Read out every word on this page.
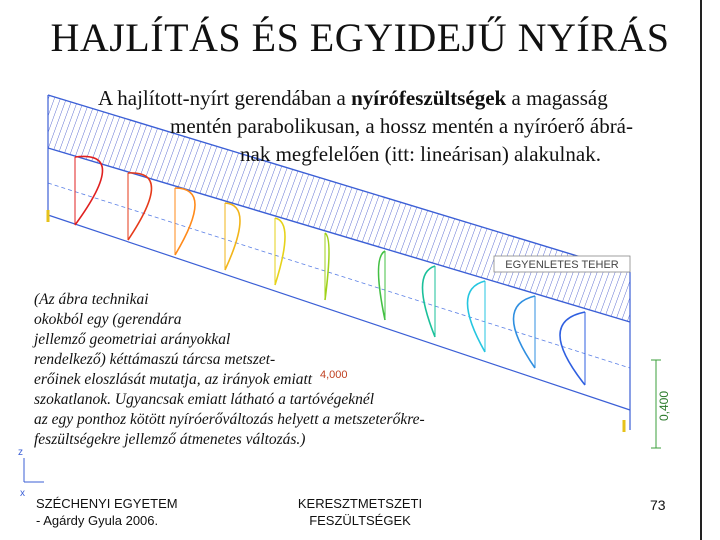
EGYENLETES TEHER
0,400
4,000
z
x
HAJLÍTÁS ÉS EGYIDEJŰ NYÍRÁS
A hajlított-nyírt gerendában a nyírófeszültségek a magasság
mentén parabolikusan, a hossz mentén a nyíróerő ábrá-
nak megfelelően (itt: lineárisan) alakulnak.
(Az ábra technikai
okokból egy (gerendára
jellemző geometriai arányokkal
rendelkező) kéttámaszú tárcsa metszet-
erőinek eloszlását mutatja, az irányok emiatt
szokatlanok. Ugyancsak emiatt látható a tartóvégeknél
az egy ponthoz kötött nyíróerőváltozás helyett a metszeterőkre-
feszültségekre jellemző átmenetes változás.)
SZÉCHENYI EGYETEM
- Agárdy Gyula 2006.
KERESZTMETSZETI
FESZÜLTSÉGEK
73
